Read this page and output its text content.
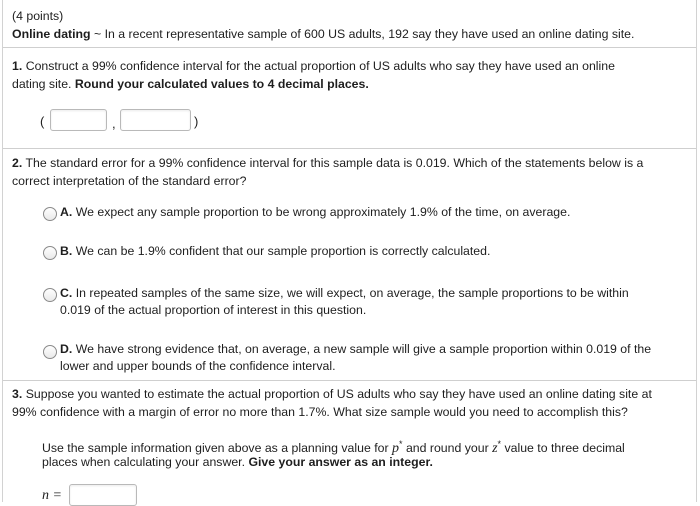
(4 points)
Online dating ~ In a recent representative sample of 600 US adults, 192 say they have used an online dating site.
1. Construct a 99% confidence interval for the actual proportion of US adults who say they have used an online
dating site. Round your calculated values to 4 decimal places.
(	,	)
2. The standard error for a 99% confidence interval for this sample data is 0.019. Which of the statements below is a
correct interpretation of the standard error?
A. We expect any sample proportion to be wrong approximately 1.9% of the time, on average.
B. We can be 1.9% confident that our sample proportion is correctly calculated.
C. In repeated samples of the same size, we will expect, on average, the sample proportions to be within
0.019 of the actual proportion of interest in this question.
D. We have strong evidence that, on average, a new sample will give a sample proportion within 0.019 of the
lower and upper bounds of the confidence interval.
3. Suppose you wanted to estimate the actual proportion of US adults who say they have used an online dating site at
99% confidence with a margin of error no more than 1.7%. What size sample would you need to accomplish this?
Use the sample information given above as a planning value for p* and round your z* value to three decimal
places when calculating your answer. Give your answer as an integer.
n =
